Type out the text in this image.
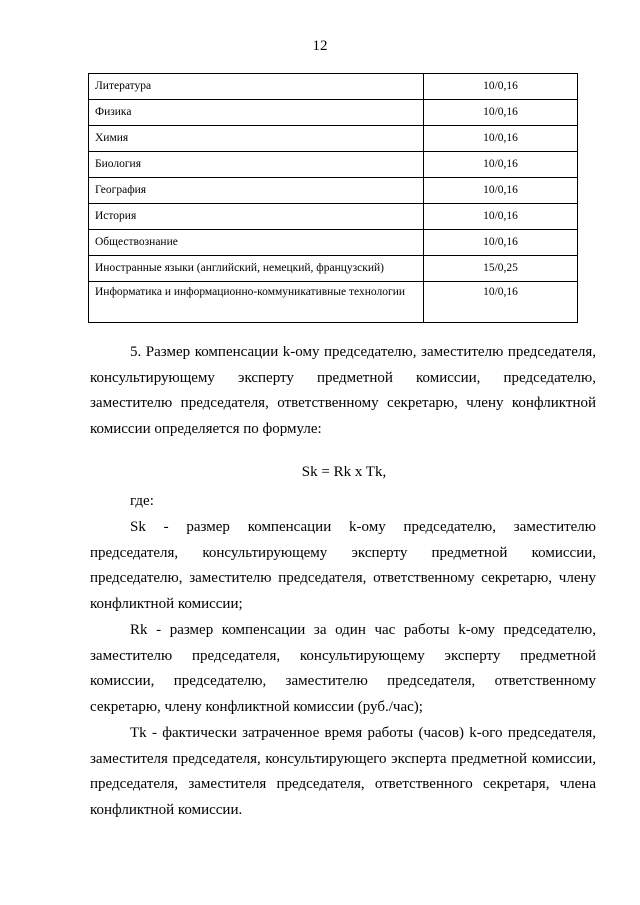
12
Литература	10/0,16
Физика	10/0,16
Химия	10/0,16
Биология	10/0,16
География	10/0,16
История	10/0,16
Обществознание	10/0,16
Иностранные языки (английский, немецкий, французский)	15/0,25
Информатика и информационно-коммуникативные технологии	10/0,16

5. Размер компенсации k-ому председателю, заместителю председателя, консультирующему эксперту предметной комиссии, председателю, заместителю председателя, ответственному секретарю, члену конфликтной комиссии определяется по формуле:

Sk = Rk x Tk,

где:

Sk - размер компенсации k-ому председателю, заместителю председателя, консультирующему эксперту предметной комиссии, председателю, заместителю председателя, ответственному секретарю, члену конфликтной комиссии;

Rk - размер компенсации за один час работы k-ому председателю, заместителю председателя, консультирующему эксперту предметной комиссии, председателю, заместителю председателя, ответственному секретарю, члену конфликтной комиссии (руб./час);

Tk - фактически затраченное время работы (часов) k-ого председателя, заместителя председателя, консультирующего эксперта предметной комиссии, председателя, заместителя председателя, ответственного секретаря, члена конфликтной комиссии.
